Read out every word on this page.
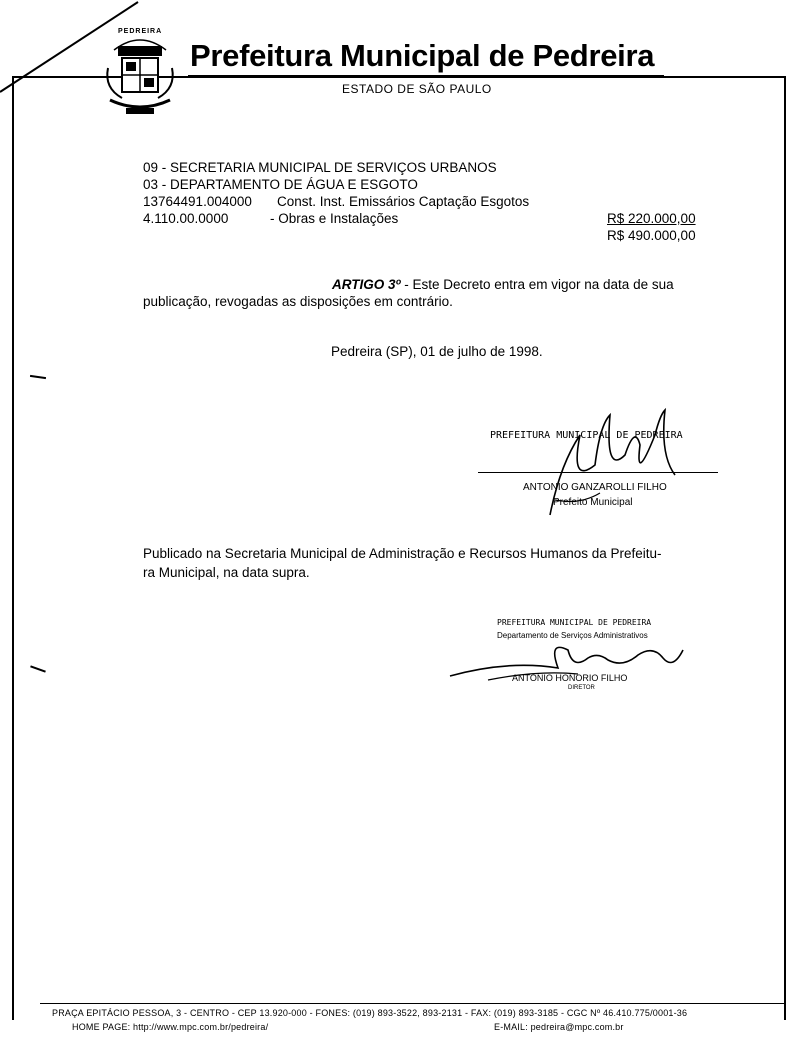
PEDREIRA
Prefeitura Municipal de Pedreira
ESTADO DE SÃO PAULO
09 - SECRETARIA MUNICIPAL DE SERVIÇOS URBANOS
03 - DEPARTAMENTO DE ÁGUA E ESGOTO
13764491.004000 Const. Inst. Emissários Captação Esgotos
4.110.00.0000	- Obras e Instalações	R$ 220.000,00
R$ 490.000,00
ARTIGO 3º - Este Decreto entra em vigor na data de sua
publicação, revogadas as disposições em contrário.
Pedreira (SP), 01 de julho de 1998.
PREFEITURA MUNICIPAL DE PEDREIRA
ANTONIO GANZAROLLI FILHO
Prefeito Municipal
Publicado na Secretaria Municipal de Administração e Recursos Humanos da Prefeitu-
ra Municipal, na data supra.
PREFEITURA MUNICIPAL DE PEDREIRA
Departamento de Serviços Administrativos
ANTONIO HONORIO FILHO
DIRETOR
PRAÇA EPITÁCIO PESSOA, 3 - CENTRO - CEP 13.920-000 - FONES: (019) 893-3522, 893-2131 - FAX: (019) 893-3185 - CGC Nº 46.410.775/0001-36
HOME PAGE: http://www.mpc.com.br/pedreira/	E-MAIL: pedreira@mpc.com.br
